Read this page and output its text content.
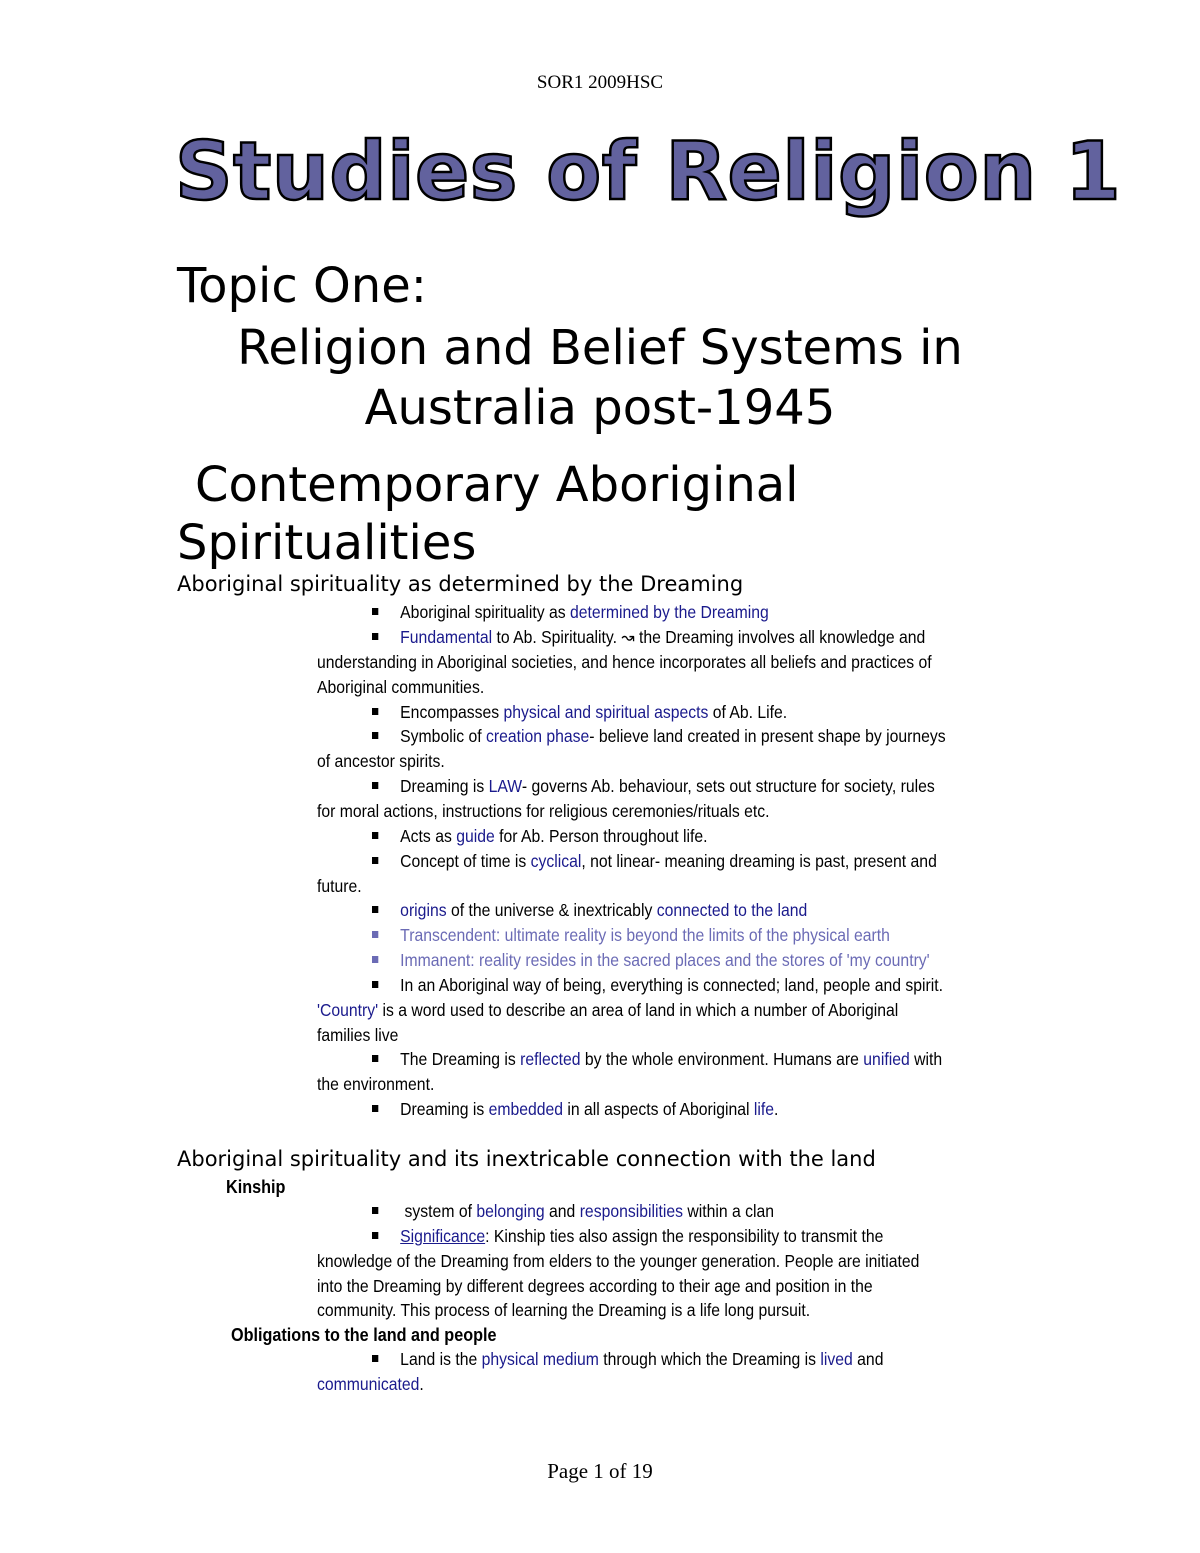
SOR1 2009HSC
Studies of Religion 1
Topic One:
Religion and Belief Systems in Australia post-1945
Contemporary Aboriginal
Spiritualities
Aboriginal spirituality as determined by the Dreaming
Aboriginal spirituality as determined by the Dreaming
Fundamental to Ab. Spirituality. ↝ the Dreaming involves all knowledge and
understanding in Aboriginal societies, and hence incorporates all beliefs and practices of
Aboriginal communities.
Encompasses physical and spiritual aspects of Ab. Life.
Symbolic of creation phase- believe land created in present shape by journeys
of ancestor spirits.
Dreaming is LAW- governs Ab. behaviour, sets out structure for society, rules
for moral actions, instructions for religious ceremonies/rituals etc.
Acts as guide for Ab. Person throughout life.
Concept of time is cyclical, not linear- meaning dreaming is past, present and
future.
origins of the universe & inextricably connected to the land
Transcendent: ultimate reality is beyond the limits of the physical earth
Immanent: reality resides in the sacred places and the stores of 'my country'
In an Aboriginal way of being, everything is connected; land, people and spirit.
'Country' is a word used to describe an area of land in which a number of Aboriginal
families live
The Dreaming is reflected by the whole environment. Humans are unified with
the environment.
Dreaming is embedded in all aspects of Aboriginal life.
Aboriginal spirituality and its inextricable connection with the land
Kinship
system of belonging and responsibilities within a clan
Significance: Kinship ties also assign the responsibility to transmit the
knowledge of the Dreaming from elders to the younger generation. People are initiated
into the Dreaming by different degrees according to their age and position in the
community. This process of learning the Dreaming is a life long pursuit.
Obligations to the land and people
Land is the physical medium through which the Dreaming is lived and
communicated.
Page 1 of 19
